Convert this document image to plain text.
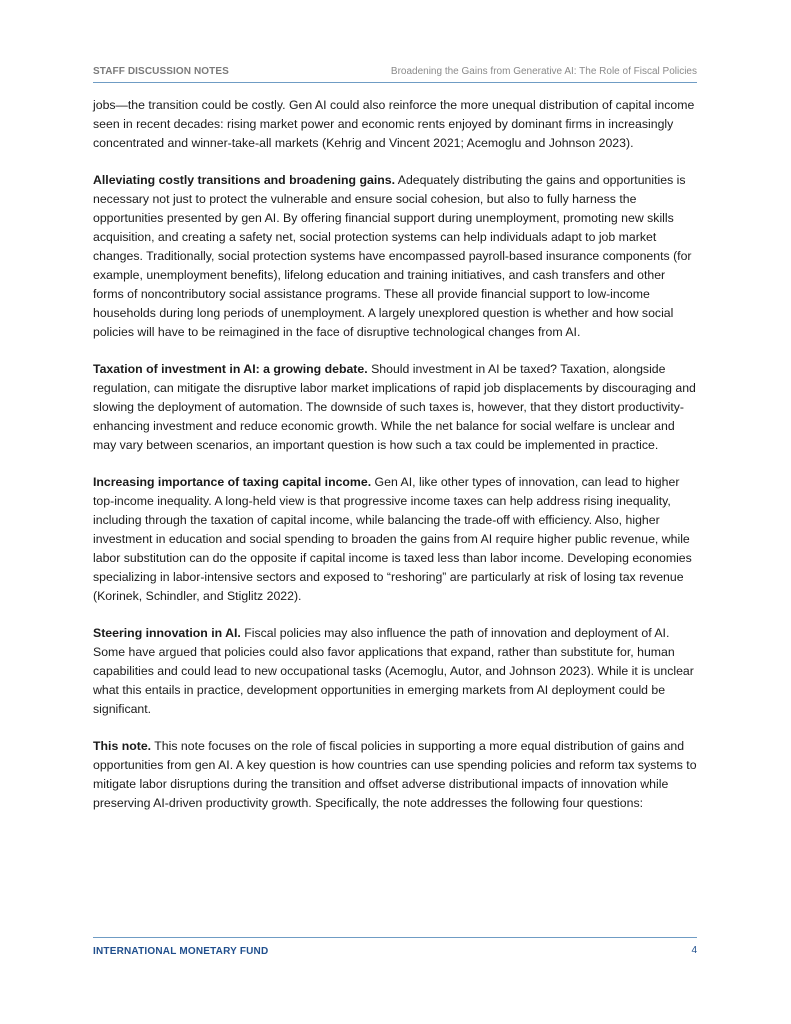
STAFF DISCUSSION NOTES	Broadening the Gains from Generative AI: The Role of Fiscal Policies

jobs—the transition could be costly. Gen AI could also reinforce the more unequal distribution of capital income seen in recent decades: rising market power and economic rents enjoyed by dominant firms in increasingly concentrated and winner-take-all markets (Kehrig and Vincent 2021; Acemoglu and Johnson 2023).

Alleviating costly transitions and broadening gains. Adequately distributing the gains and opportunities is necessary not just to protect the vulnerable and ensure social cohesion, but also to fully harness the opportunities presented by gen AI. By offering financial support during unemployment, promoting new skills acquisition, and creating a safety net, social protection systems can help individuals adapt to job market changes. Traditionally, social protection systems have encompassed payroll-based insurance components (for example, unemployment benefits), lifelong education and training initiatives, and cash transfers and other forms of noncontributory social assistance programs. These all provide financial support to low-income households during long periods of unemployment. A largely unexplored question is whether and how social policies will have to be reimagined in the face of disruptive technological changes from AI.

Taxation of investment in AI: a growing debate. Should investment in AI be taxed? Taxation, alongside regulation, can mitigate the disruptive labor market implications of rapid job displacements by discouraging and slowing the deployment of automation. The downside of such taxes is, however, that they distort productivity-enhancing investment and reduce economic growth. While the net balance for social welfare is unclear and may vary between scenarios, an important question is how such a tax could be implemented in practice.

Increasing importance of taxing capital income. Gen AI, like other types of innovation, can lead to higher top-income inequality. A long-held view is that progressive income taxes can help address rising inequality, including through the taxation of capital income, while balancing the trade-off with efficiency. Also, higher investment in education and social spending to broaden the gains from AI require higher public revenue, while labor substitution can do the opposite if capital income is taxed less than labor income. Developing economies specializing in labor-intensive sectors and exposed to “reshoring” are particularly at risk of losing tax revenue (Korinek, Schindler, and Stiglitz 2022).

Steering innovation in AI. Fiscal policies may also influence the path of innovation and deployment of AI. Some have argued that policies could also favor applications that expand, rather than substitute for, human capabilities and could lead to new occupational tasks (Acemoglu, Autor, and Johnson 2023). While it is unclear what this entails in practice, development opportunities in emerging markets from AI deployment could be significant.

This note. This note focuses on the role of fiscal policies in supporting a more equal distribution of gains and opportunities from gen AI. A key question is how countries can use spending policies and reform tax systems to mitigate labor disruptions during the transition and offset adverse distributional impacts of innovation while preserving AI-driven productivity growth. Specifically, the note addresses the following four questions:

INTERNATIONAL MONETARY FUND	4
